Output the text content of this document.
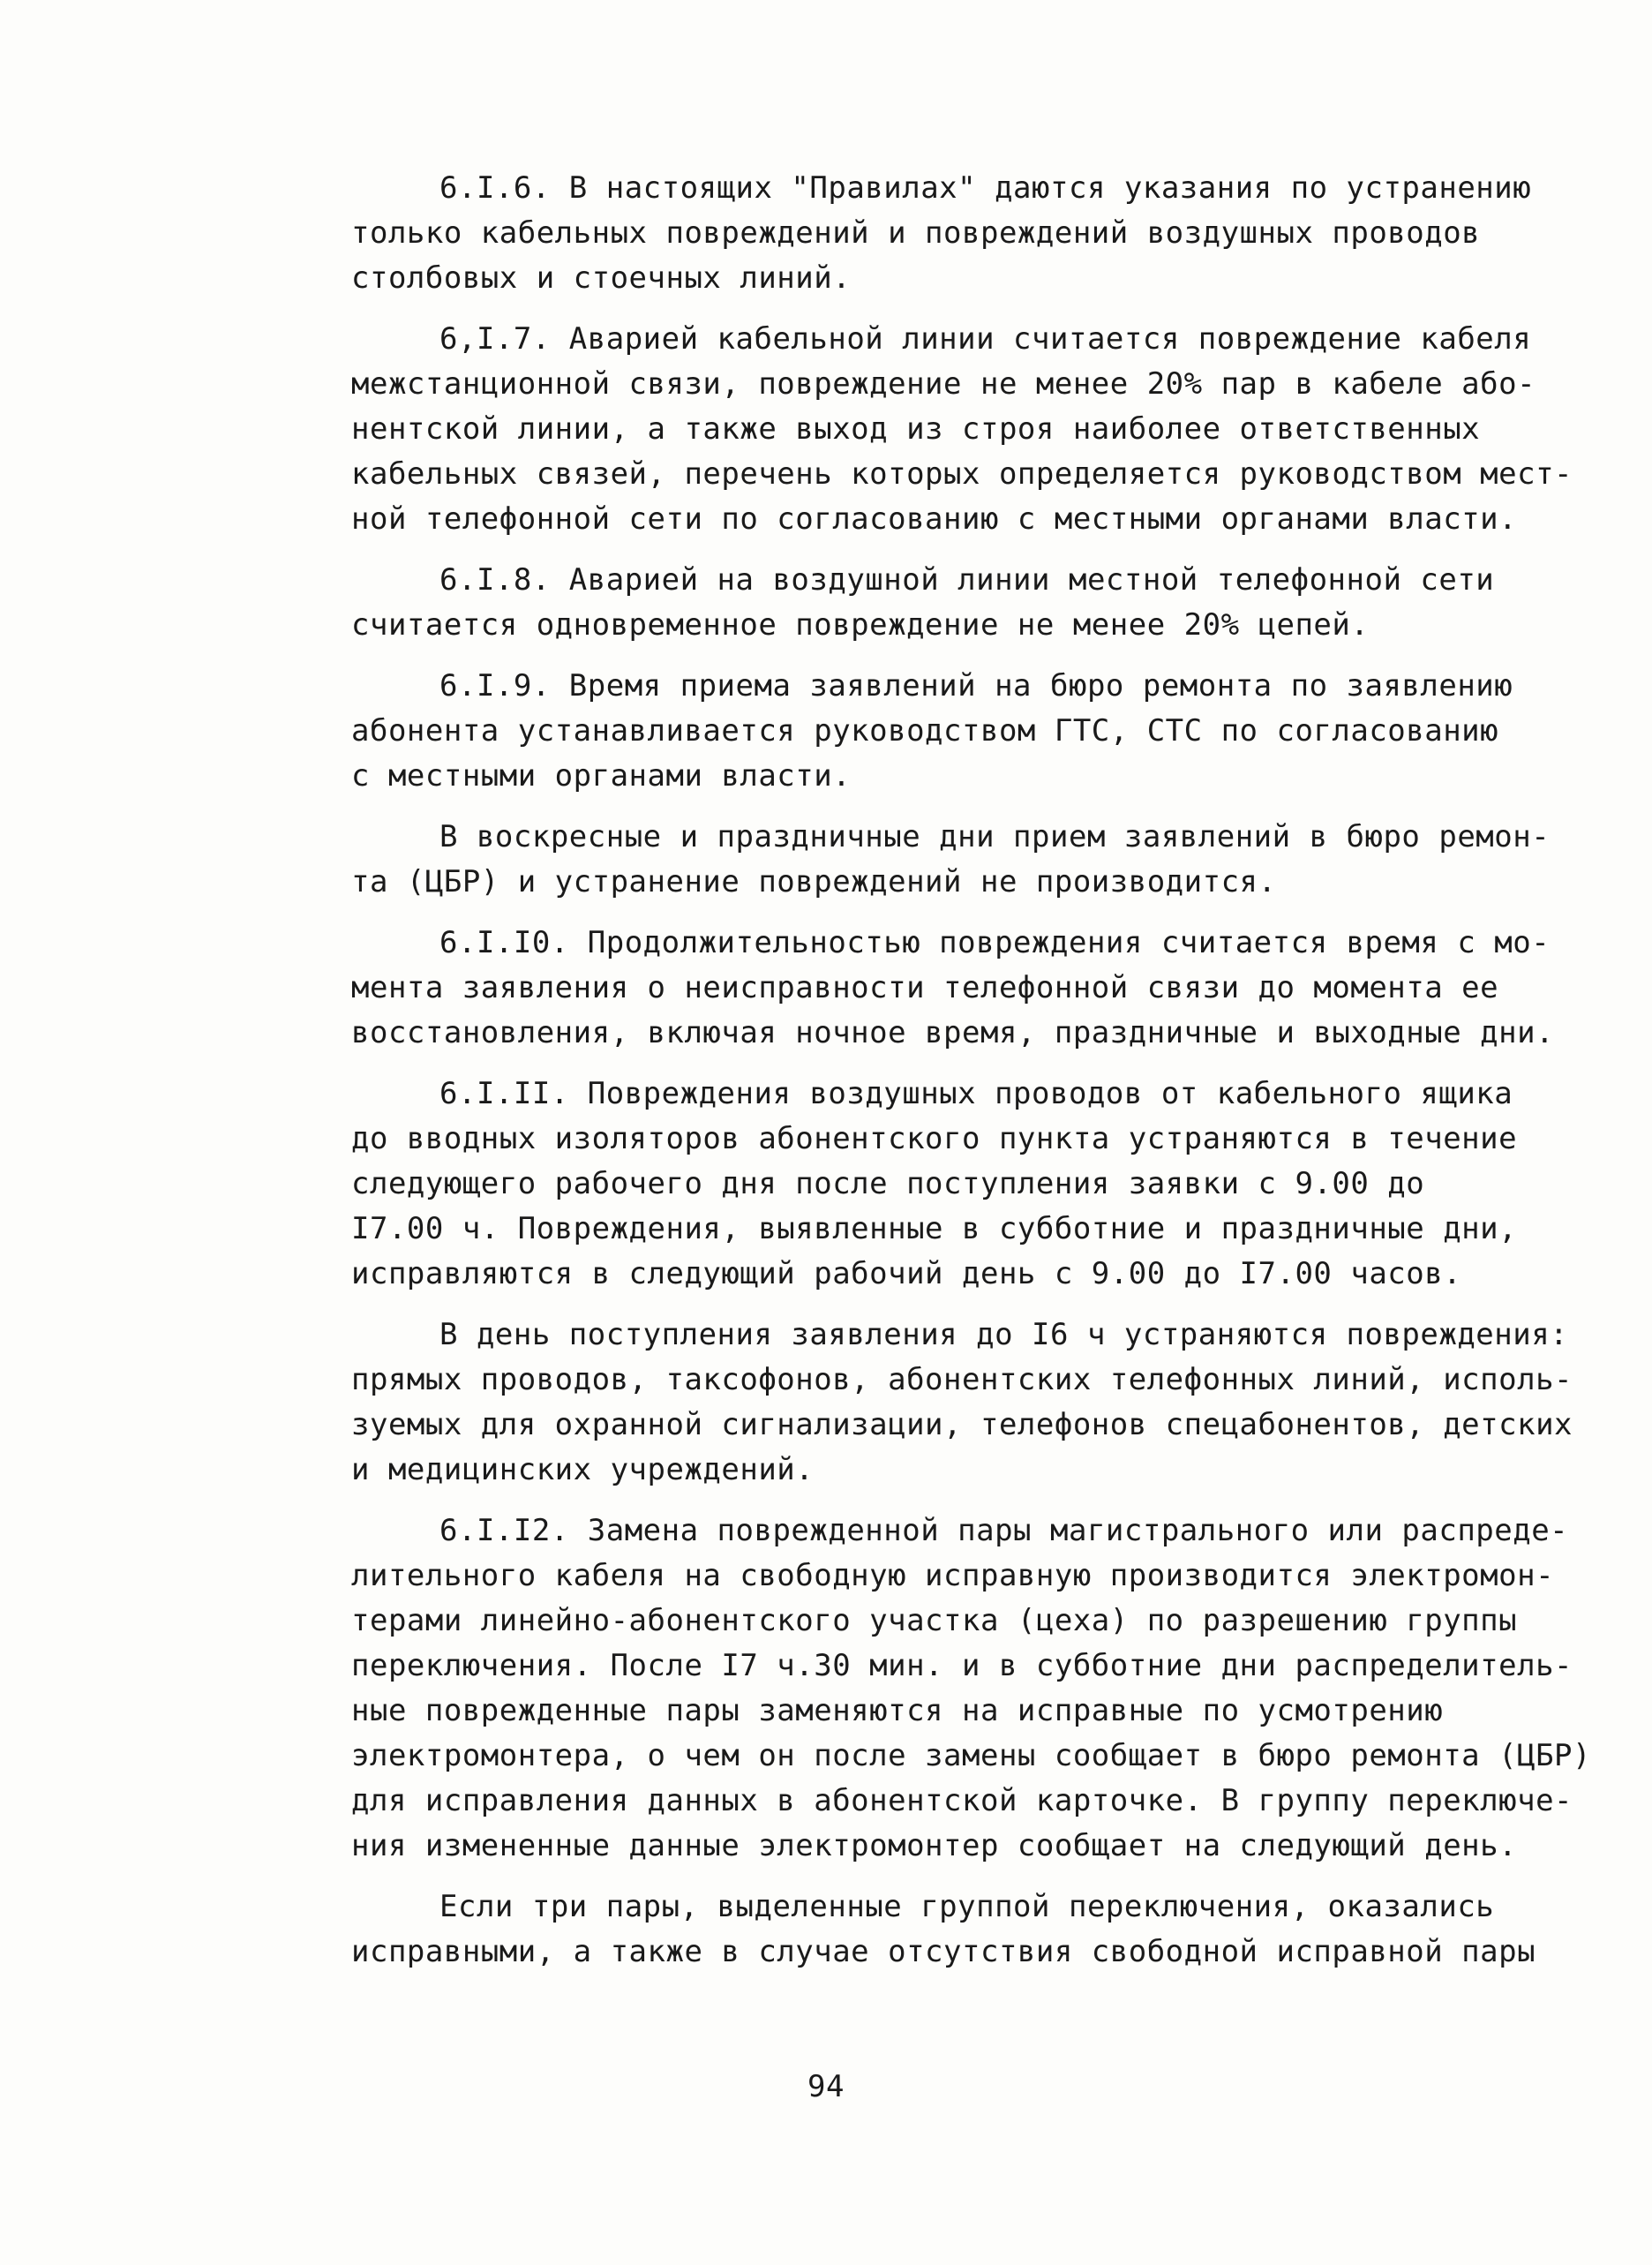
6.I.6. В настоящих "Правилах" даются указания по устранению
только кабельных повреждений и повреждений воздушных проводов
столбовых и стоечных линий.
6,I.7. Аварией кабельной линии считается повреждение кабеля
межстанционной связи, повреждение не менее 20% пар в кабеле або-
нентской линии, а также выход из строя наиболее ответственных
кабельных связей, перечень которых определяется руководством мест-
ной телефонной сети по согласованию с местными органами власти.
6.I.8. Аварией на воздушной линии местной телефонной сети
считается одновременное повреждение не менее 20% цепей.
6.I.9. Время приема заявлений на бюро ремонта по заявлению
абонента устанавливается руководством ГТС, СТС по согласованию
с местными органами власти.
В воскресные и праздничные дни прием заявлений в бюро ремон-
та (ЦБР) и устранение повреждений не производится.
6.I.I0. Продолжительностью повреждения считается время с мо-
мента заявления о неисправности телефонной связи до момента ее
восстановления, включая ночное время, праздничные и выходные дни.
6.I.II. Повреждения воздушных проводов от кабельного ящика
до вводных изоляторов абонентского пункта устраняются в течение
следующего рабочего дня после поступления заявки с 9.00 до
I7.00 ч. Повреждения, выявленные в субботние и праздничные дни,
исправляются в следующий рабочий день с 9.00 до I7.00 часов.
В день поступления заявления до I6 ч устраняются повреждения:
прямых проводов, таксофонов, абонентских телефонных линий, исполь-
зуемых для охранной сигнализации, телефонов спецабонентов, детских
и медицинских учреждений.
6.I.I2. Замена поврежденной пары магистрального или распреде-
лительного кабеля на свободную исправную производится электромон-
терами линейно-абонентского участка (цеха) по разрешению группы
переключения. После I7 ч.30 мин. и в субботние дни распределитель-
ные поврежденные пары заменяются на исправные по усмотрению
электромонтера, о чем он после замены сообщает в бюро ремонта (ЦБР)
для исправления данных в абонентской карточке. В группу переключе-
ния измененные данные электромонтер сообщает на следующий день.
Если три пары, выделенные группой переключения, оказались
исправными, а также в случае отсутствия свободной исправной пары
94
